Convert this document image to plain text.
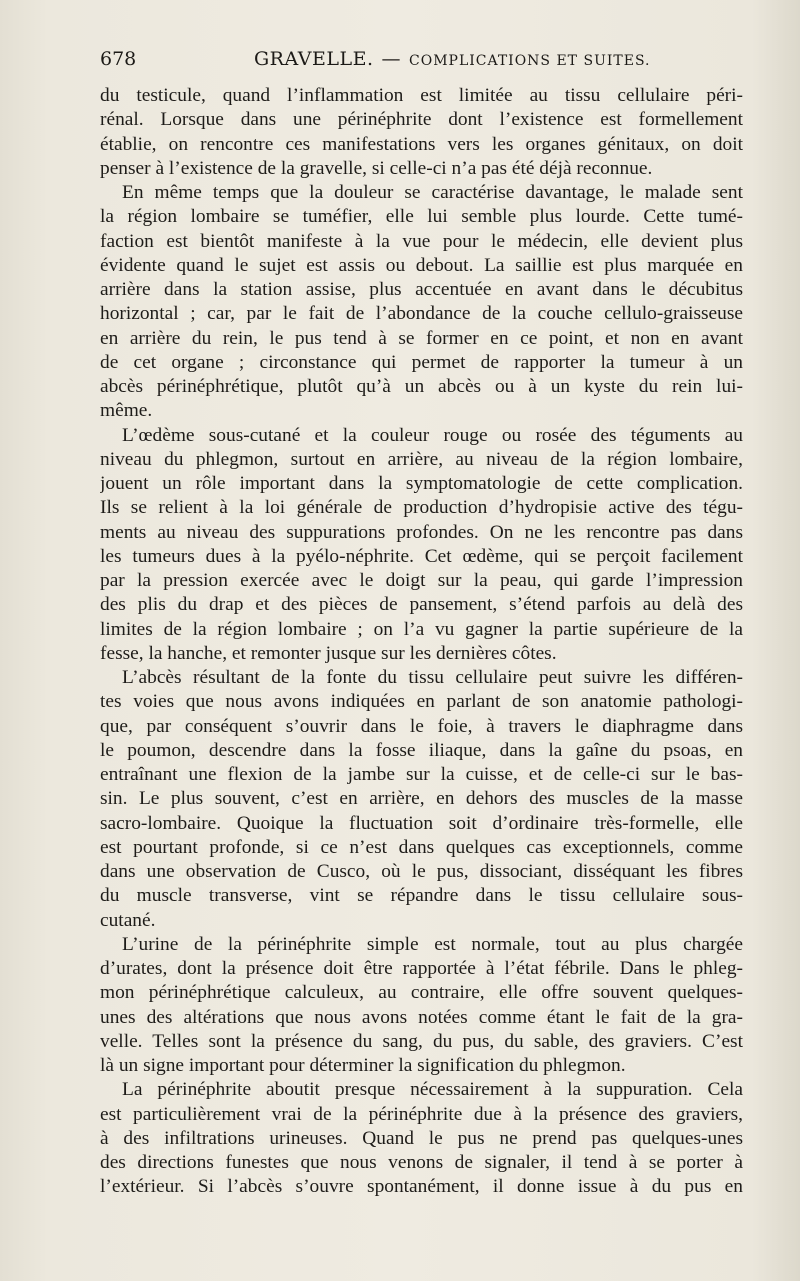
678	GRAVELLE. — COMPLICATIONS ET SUITES.
du testicule, quand l’inflammation est limitée au tissu cellulaire péri-
rénal. Lorsque dans une périnéphrite dont l’existence est formellement
établie, on rencontre ces manifestations vers les organes génitaux, on doit
penser à l’existence de la gravelle, si celle-ci n’a pas été déjà reconnue.
En même temps que la douleur se caractérise davantage, le malade sent
la région lombaire se tuméfier, elle lui semble plus lourde. Cette tumé-
faction est bientôt manifeste à la vue pour le médecin, elle devient plus
évidente quand le sujet est assis ou debout. La saillie est plus marquée en
arrière dans la station assise, plus accentuée en avant dans le décubitus
horizontal ; car, par le fait de l’abondance de la couche cellulo-graisseuse
en arrière du rein, le pus tend à se former en ce point, et non en avant
de cet organe ; circonstance qui permet de rapporter la tumeur à un
abcès périnéphrétique, plutôt qu’à un abcès ou à un kyste du rein lui-
même.
L’œdème sous-cutané et la couleur rouge ou rosée des téguments au
niveau du phlegmon, surtout en arrière, au niveau de la région lombaire,
jouent un rôle important dans la symptomatologie de cette complication.
Ils se relient à la loi générale de production d’hydropisie active des tégu-
ments au niveau des suppurations profondes. On ne les rencontre pas dans
les tumeurs dues à la pyélo-néphrite. Cet œdème, qui se perçoit facilement
par la pression exercée avec le doigt sur la peau, qui garde l’impression
des plis du drap et des pièces de pansement, s’étend parfois au delà des
limites de la région lombaire ; on l’a vu gagner la partie supérieure de la
fesse, la hanche, et remonter jusque sur les dernières côtes.
L’abcès résultant de la fonte du tissu cellulaire peut suivre les différen-
tes voies que nous avons indiquées en parlant de son anatomie pathologi-
que, par conséquent s’ouvrir dans le foie, à travers le diaphragme dans
le poumon, descendre dans la fosse iliaque, dans la gaîne du psoas, en
entraînant une flexion de la jambe sur la cuisse, et de celle-ci sur le bas-
sin. Le plus souvent, c’est en arrière, en dehors des muscles de la masse
sacro-lombaire. Quoique la fluctuation soit d’ordinaire très-formelle, elle
est pourtant profonde, si ce n’est dans quelques cas exceptionnels, comme
dans une observation de Cusco, où le pus, dissociant, disséquant les fibres
du muscle transverse, vint se répandre dans le tissu cellulaire sous-
cutané.
L’urine de la périnéphrite simple est normale, tout au plus chargée
d’urates, dont la présence doit être rapportée à l’état fébrile. Dans le phleg-
mon périnéphrétique calculeux, au contraire, elle offre souvent quelques-
unes des altérations que nous avons notées comme étant le fait de la gra-
velle. Telles sont la présence du sang, du pus, du sable, des graviers. C’est
là un signe important pour déterminer la signification du phlegmon.
La périnéphrite aboutit presque nécessairement à la suppuration. Cela
est particulièrement vrai de la périnéphrite due à la présence des graviers,
à des infiltrations urineuses. Quand le pus ne prend pas quelques-unes
des directions funestes que nous venons de signaler, il tend à se porter à
l’extérieur. Si l’abcès s’ouvre spontanément, il donne issue à du pus en
